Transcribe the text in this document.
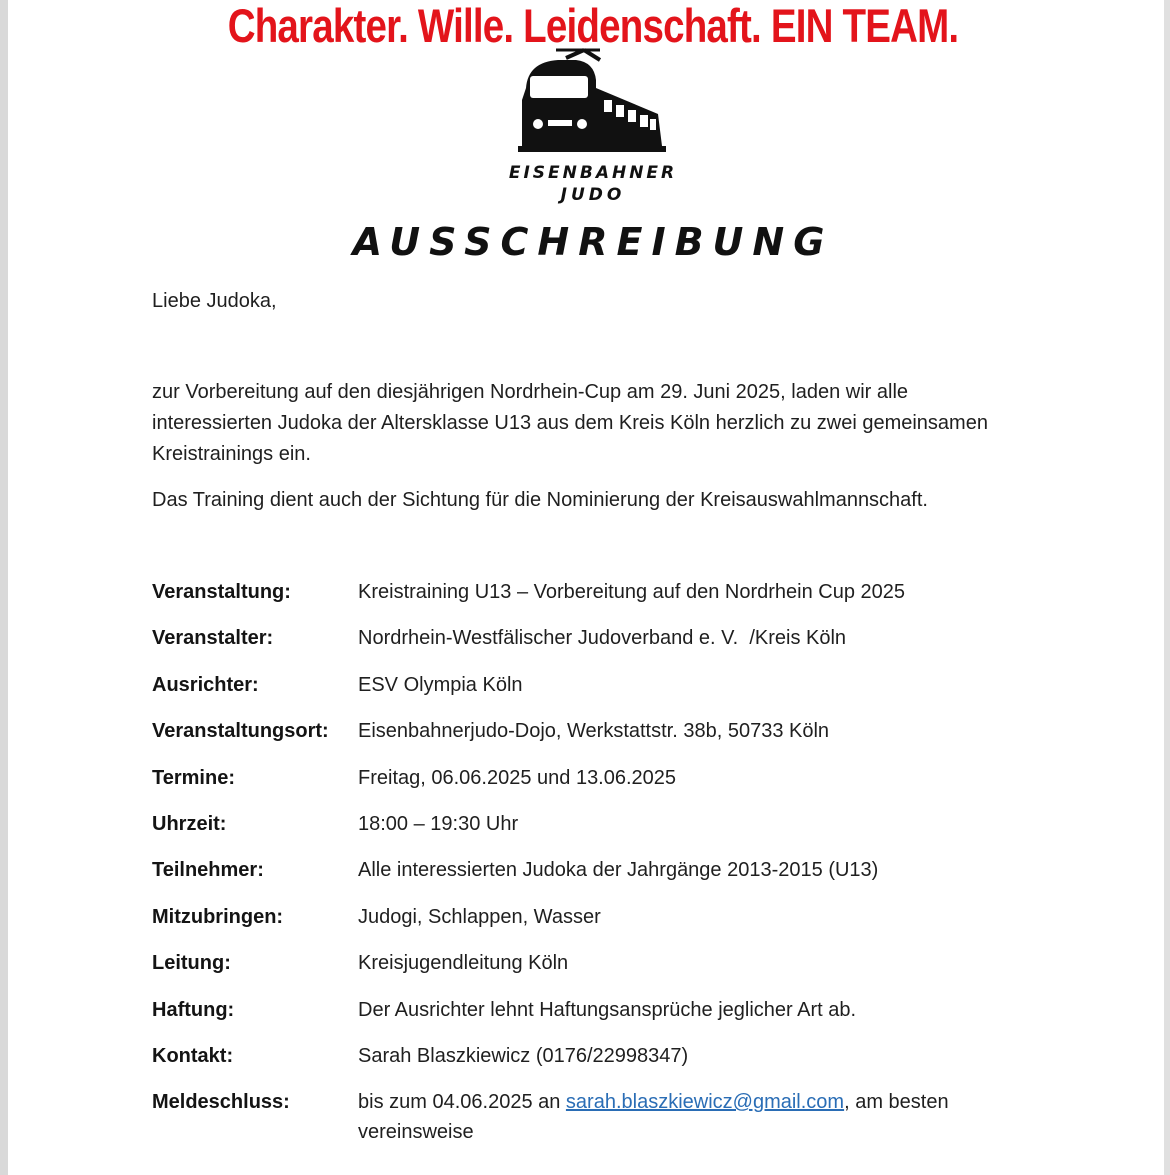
Charakter. Wille. Leidenschaft. EIN TEAM.
EISENBAHNER
JUDO
AUSSCHREIBUNG
Liebe Judoka,
zur Vorbereitung auf den diesjährigen Nordrhein-Cup am 29. Juni 2025, laden wir alle interessierten Judoka der Altersklasse U13 aus dem Kreis Köln herzlich zu zwei gemeinsamen Kreistrainings ein.
Das Training dient auch der Sichtung für die Nominierung der Kreisauswahlmannschaft.
Veranstaltung:	Kreistraining U13 – Vorbereitung auf den Nordrhein Cup 2025
Veranstalter:	Nordrhein-Westfälischer Judoverband e. V.  /Kreis Köln
Ausrichter:	ESV Olympia Köln
Veranstaltungsort:	Eisenbahnerjudo-Dojo, Werkstattstr. 38b, 50733 Köln
Termine:	Freitag, 06.06.2025 und 13.06.2025
Uhrzeit:	18:00 – 19:30 Uhr
Teilnehmer:	Alle interessierten Judoka der Jahrgänge 2013-2015 (U13)
Mitzubringen:	Judogi, Schlappen, Wasser
Leitung:	Kreisjugendleitung Köln
Haftung:	Der Ausrichter lehnt Haftungsansprüche jeglicher Art ab.
Kontakt:	Sarah Blaszkiewicz (0176/22998347)
Meldeschluss:	bis zum 04.06.2025 an sarah.blaszkiewicz@gmail.com, am besten vereinsweise
